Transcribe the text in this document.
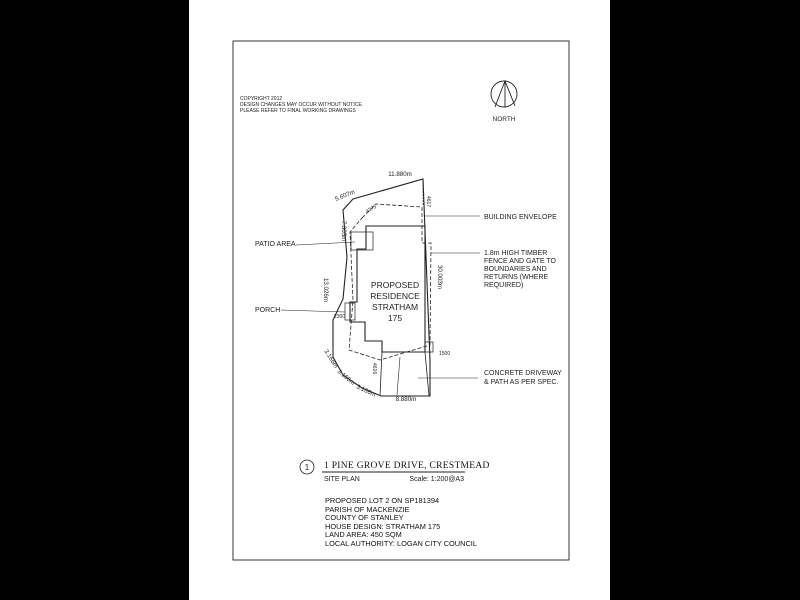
NORTH
11.880m
5.607m
7.003m
13.026m
30.003m
8.880m
3.166m
3.166m
3.166m
4275
4617
2300
1500
4616
PROPOSED
RESIDENCE
STRATHAM
175
BUILDING ENVELOPE
1.8m HIGH TIMBER
FENCE AND GATE TO
BOUNDARIES AND
RETURNS (WHERE
REQUIRED)
PATIO AREA
PORCH
CONCRETE DRIVEWAY
& PATH AS PER SPEC.
1 1 PINE GROVE DRIVE, CRESTMEAD
SITE PLAN	Scale: 1:200@A3
COPYRIGHT 2012
DESIGN CHANGES MAY OCCUR WITHOUT NOTICE.
PLEASE REFER TO FINAL WORKING DRAWINGS
PROPOSED LOT 2 ON SP181394
PARISH OF MACKENZIE
COUNTY OF STANLEY
HOUSE DESIGN: STRATHAM 175
LAND AREA: 450 SQM
LOCAL AUTHORITY: LOGAN CITY COUNCIL
